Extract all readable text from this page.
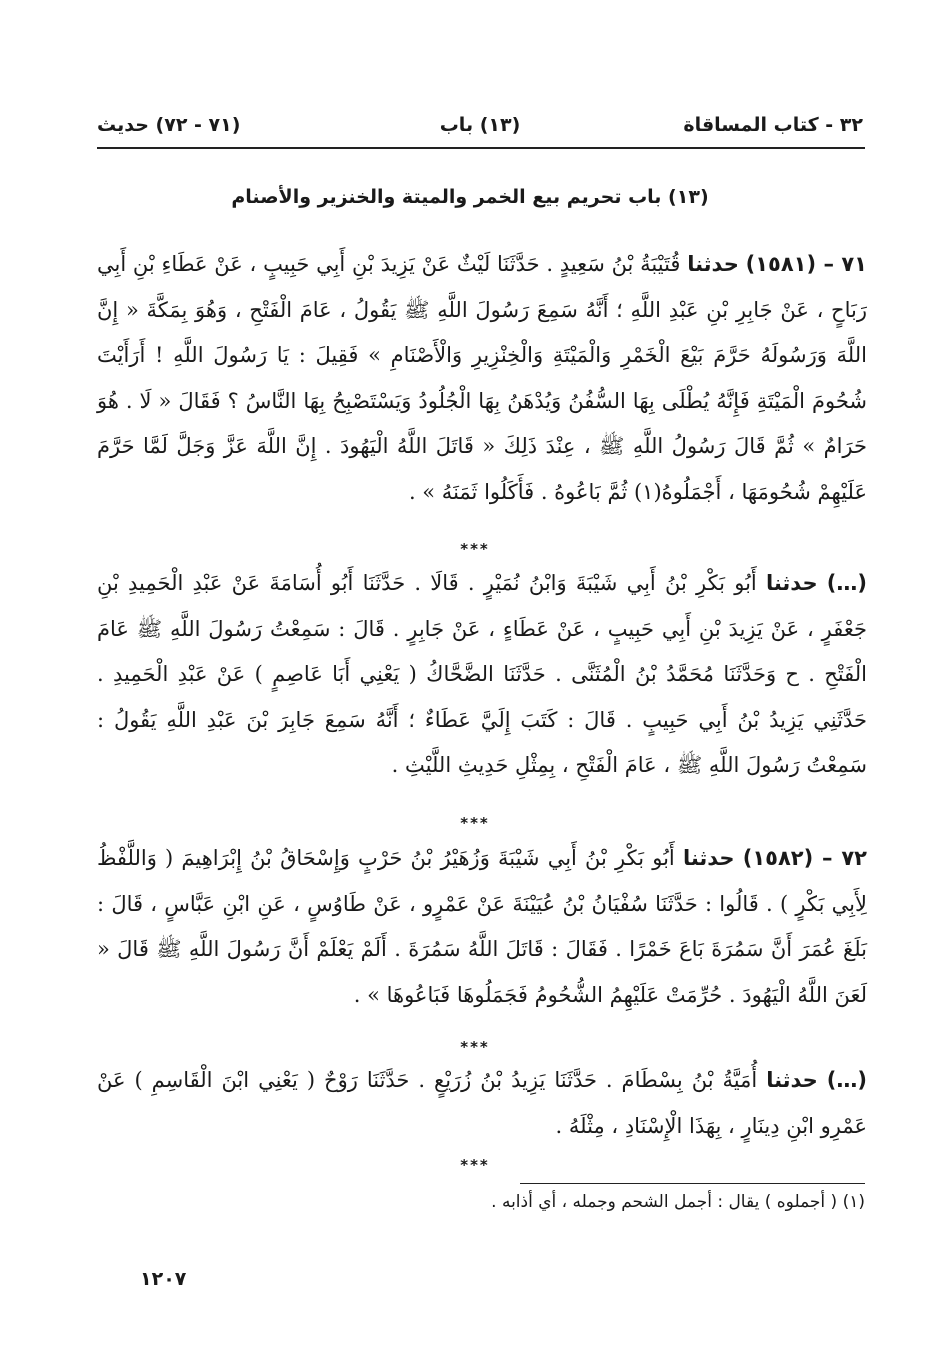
٣٢ - كتاب المساقاة
(١٣) باب
(٧١ - ٧٢) حديث
(١٣) باب تحريم بيع الخمر والميتة والخنزير والأصنام
٧١ – (١٥٨١) حدثنا قُتَيْبَةُ بْنُ سَعِيدٍ . حَدَّثَنَا لَيْثٌ عَنْ يَزِيدَ بْنِ أَبِي حَبِيبٍ ، عَنْ عَطَاءِ بْنِ أَبِي رَبَاحٍ ، عَنْ جَابِرِ بْنِ عَبْدِ اللَّهِ ؛ أَنَّهُ سَمِعَ رَسُولَ اللَّهِ ﷺ يَقُولُ ، عَامَ الْفَتْحِ ، وَهُوَ بِمَكَّةَ « إِنَّ اللَّهَ وَرَسُولَهُ حَرَّمَ بَيْعَ الْخَمْرِ وَالْمَيْتَةِ وَالْخِنْزِيرِ وَالْأَصْنَامِ » فَقِيلَ : يَا رَسُولَ اللَّهِ ! أَرَأَيْتَ شُحُومَ الْمَيْتَةِ فَإِنَّهُ يُطْلَى بِهَا السُّفُنُ وَيُدْهَنُ بِهَا الْجُلُودُ وَيَسْتَصْبِحُ بِهَا النَّاسُ ؟ فَقَالَ « لَا . هُوَ حَرَامٌ » ثُمَّ قَالَ رَسُولُ اللَّهِ ﷺ ، عِنْدَ ذَلِكَ « قَاتَلَ اللَّهُ الْيَهُودَ . إِنَّ اللَّهَ عَزَّ وَجَلَّ لَمَّا حَرَّمَ عَلَيْهِمْ شُحُومَهَا ، أَجْمَلُوهُ(١) ثُمَّ بَاعُوهُ . فَأَكَلُوا ثَمَنَهُ » .
***
(…) حدثنا أَبُو بَكْرِ بْنُ أَبِي شَيْبَةَ وَابْنُ نُمَيْرٍ . قَالَا . حَدَّثَنَا أَبُو أُسَامَةَ عَنْ عَبْدِ الْحَمِيدِ بْنِ جَعْفَرٍ ، عَنْ يَزِيدَ بْنِ أَبِي حَبِيبٍ ، عَنْ عَطَاءٍ ، عَنْ جَابِرٍ . قَالَ : سَمِعْتُ رَسُولَ اللَّهِ ﷺ عَامَ الْفَتْحِ . ح وَحَدَّثَنَا مُحَمَّدُ بْنُ الْمُثَنَّى . حَدَّثَنَا الضَّحَّاكُ ( يَعْنِي أَبَا عَاصِمٍ ) عَنْ عَبْدِ الْحَمِيدِ . حَدَّثَنِي يَزِيدُ بْنُ أَبِي حَبِيبٍ . قَالَ : كَتَبَ إِلَيَّ عَطَاءٌ ؛ أَنَّهُ سَمِعَ جَابِرَ بْنَ عَبْدِ اللَّهِ يَقُولُ : سَمِعْتُ رَسُولَ اللَّهِ ﷺ ، عَامَ الْفَتْحِ ، بِمِثْلِ حَدِيثِ اللَّيْثِ .
***
٧٢ – (١٥٨٢) حدثنا أَبُو بَكْرِ بْنُ أَبِي شَيْبَةَ وَزُهَيْرُ بْنُ حَرْبٍ وَإِسْحَاقُ بْنُ إِبْرَاهِيمَ ( وَاللَّفْظُ لِأَبِي بَكْرٍ ) . قَالُوا : حَدَّثَنَا سُفْيَانُ بْنُ عُيَيْنَةَ عَنْ عَمْرٍو ، عَنْ طَاوُسٍ ، عَنِ ابْنِ عَبَّاسٍ ، قَالَ : بَلَغَ عُمَرَ أَنَّ سَمُرَةَ بَاعَ خَمْرًا . فَقَالَ : قَاتَلَ اللَّهُ سَمُرَةَ . أَلَمْ يَعْلَمْ أَنَّ رَسُولَ اللَّهِ ﷺ قَالَ « لَعَنَ اللَّهُ الْيَهُودَ . حُرِّمَتْ عَلَيْهِمُ الشُّحُومُ فَجَمَلُوهَا فَبَاعُوهَا » .
***
(…) حدثنا أُمَيَّةُ بْنُ بِسْطَامَ . حَدَّثَنَا يَزِيدُ بْنُ زُرَيْعٍ . حَدَّثَنَا رَوْحٌ ( يَعْنِي ابْنَ الْقَاسِمِ ) عَنْ عَمْرِو ابْنِ دِينَارٍ ، بِهَذَا الْإِسْنَادِ ، مِثْلَهُ .
***
(١) ( أجملوه ) يقال : أجمل الشحم وجمله ، أي أذابه .
١٢٠٧
